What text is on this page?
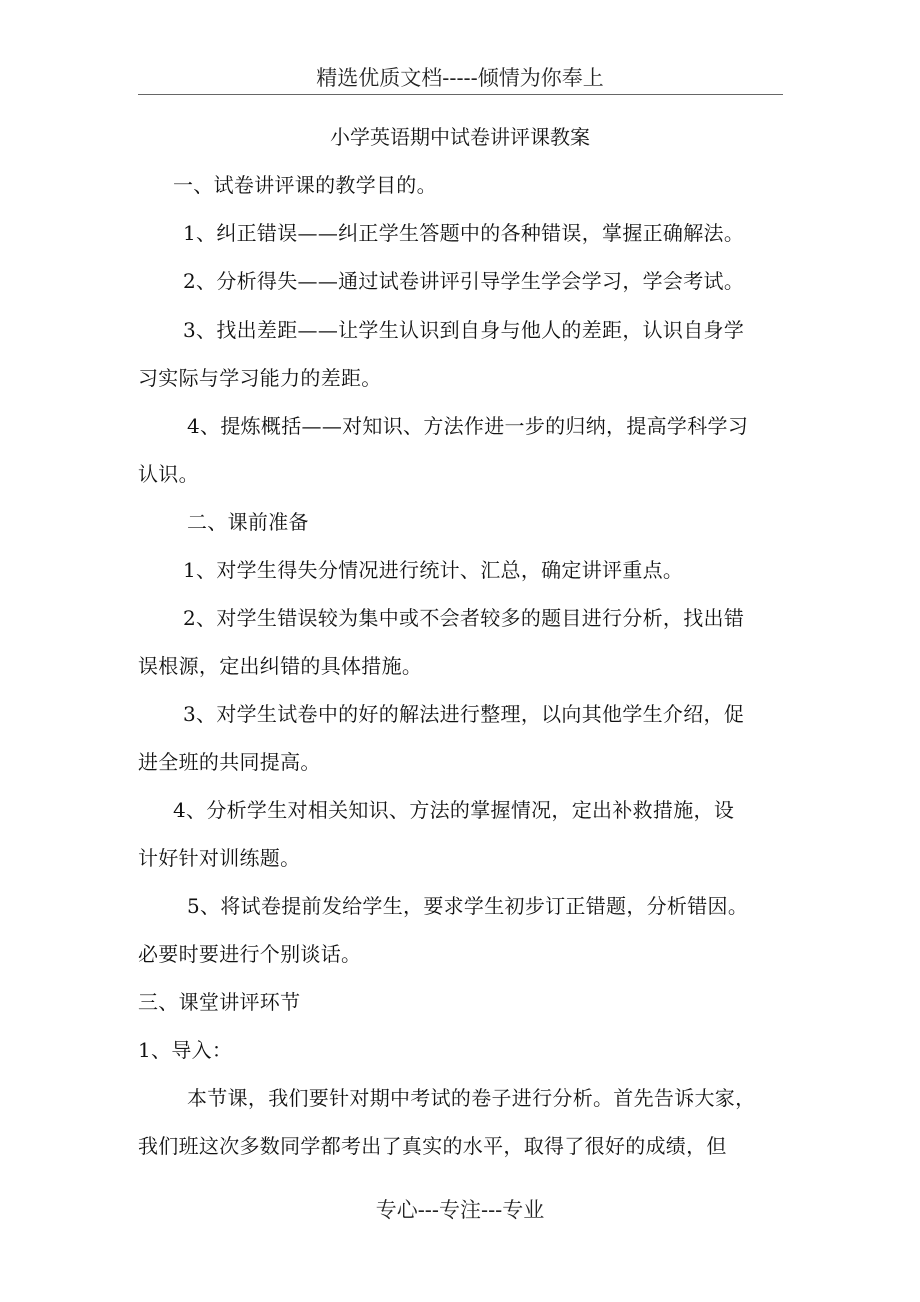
精选优质文档-----倾情为你奉上
小学英语期中试卷讲评课教案
一、试卷讲评课的教学目的。
1、纠正错误——纠正学生答题中的各种错误，掌握正确解法。
2、分析得失——通过试卷讲评引导学生学会学习，学会考试。
3、找出差距——让学生认识到自身与他人的差距，认识自身学
习实际与学习能力的差距。
4、提炼概括——对知识、方法作进一步的归纳，提高学科学习
认识。
二、课前准备
1、对学生得失分情况进行统计、汇总，确定讲评重点。
2、对学生错误较为集中或不会者较多的题目进行分析，找出错
误根源，定出纠错的具体措施。
3、对学生试卷中的好的解法进行整理，以向其他学生介绍，促
进全班的共同提高。
4、分析学生对相关知识、方法的掌握情况，定出补救措施，设
计好针对训练题。
5、将试卷提前发给学生，要求学生初步订正错题，分析错因。
必要时要进行个别谈话。
三、课堂讲评环节
1、导入：
本节课，我们要针对期中考试的卷子进行分析。首先告诉大家，
我们班这次多数同学都考出了真实的水平，取得了很好的成绩，但
专心---专注---专业
